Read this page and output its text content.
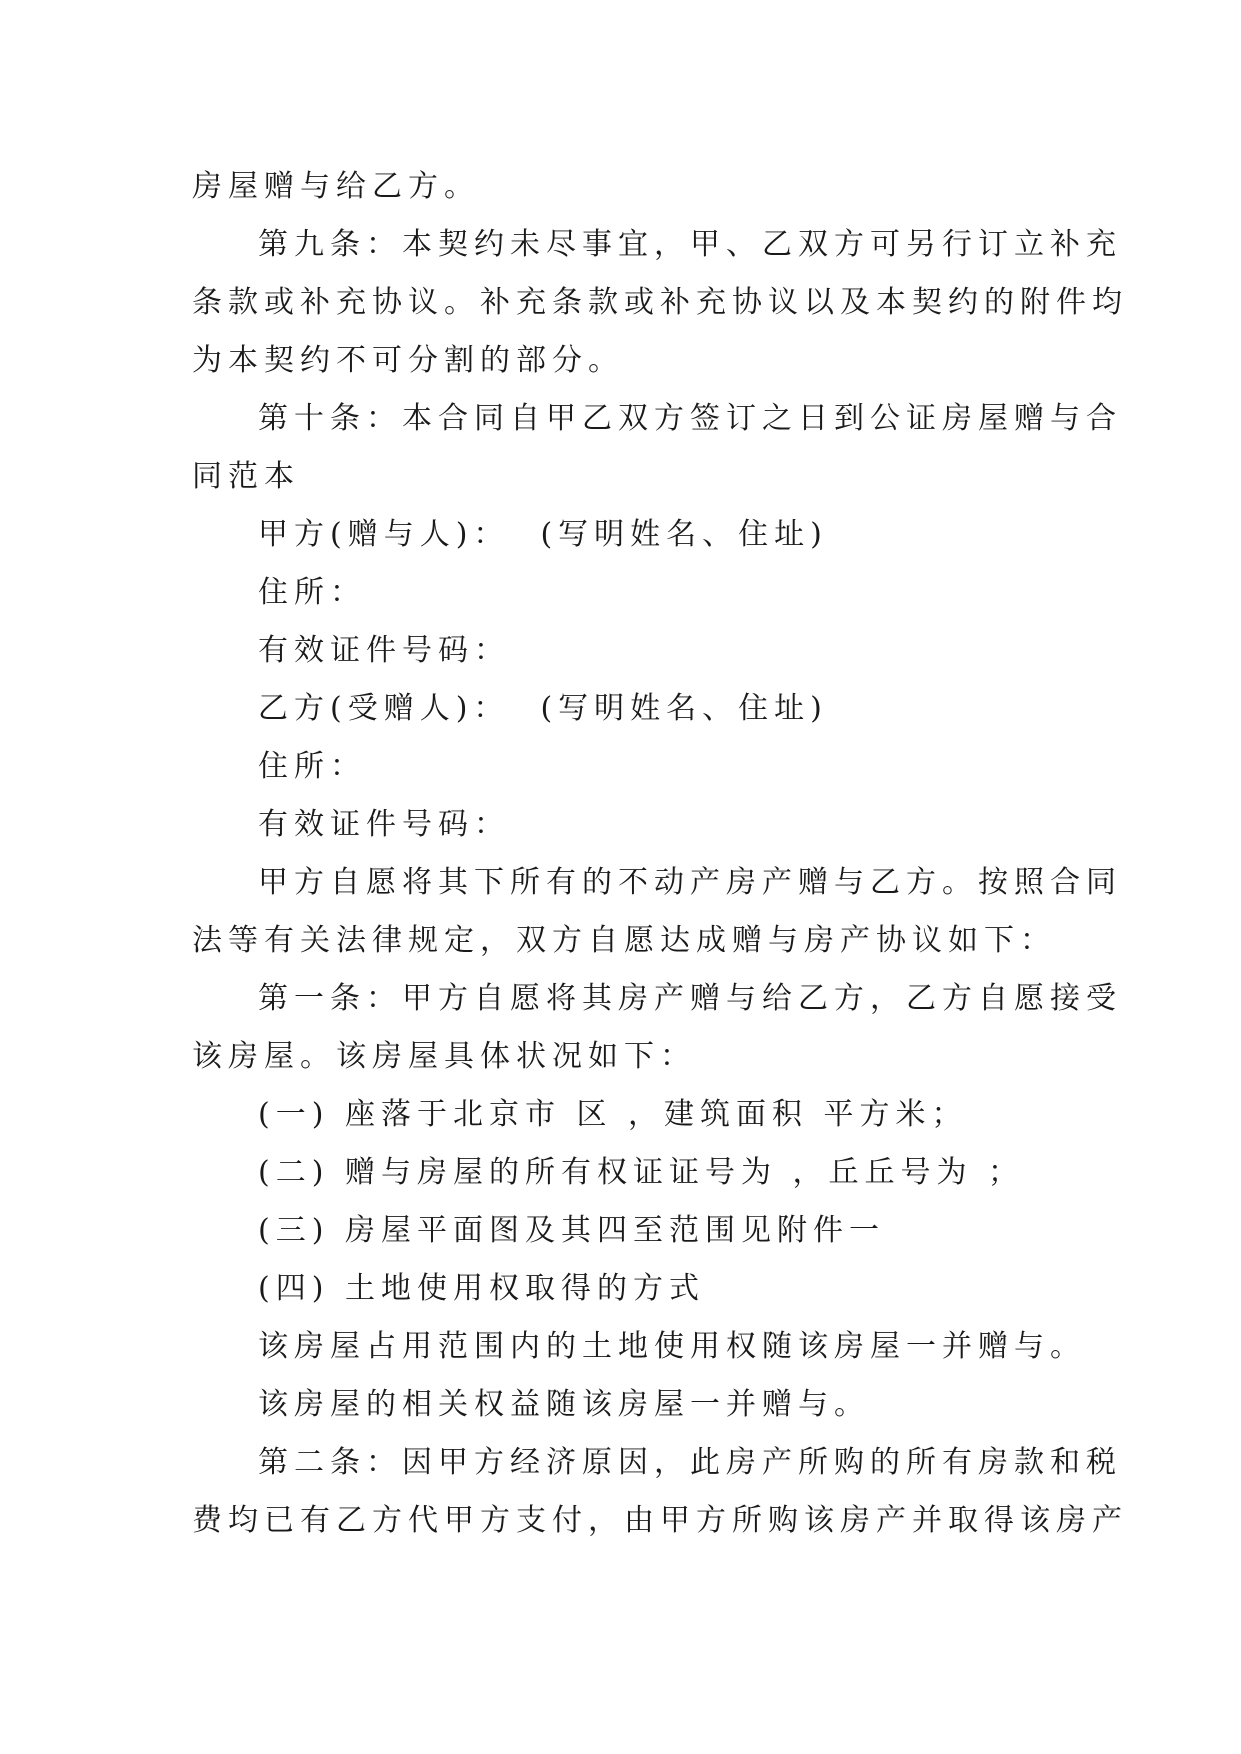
房屋赠与给乙方。

第九条：本契约未尽事宜，甲、乙双方可另行订立补充

条款或补充协议。补充条款或补充协议以及本契约的附件均

为本契约不可分割的部分。

第十条：本合同自甲乙双方签订之日到公证房屋赠与合

同范本

甲方(赠与人)：  (写明姓名、住址)

住所：

有效证件号码：

乙方(受赠人)：  (写明姓名、住址)

住所：

有效证件号码：

甲方自愿将其下所有的不动产房产赠与乙方。按照合同

法等有关法律规定，双方自愿达成赠与房产协议如下：

第一条：甲方自愿将其房产赠与给乙方，乙方自愿接受

该房屋。该房屋具体状况如下：

(一) 座落于北京市 区 ，建筑面积 平方米；

(二) 赠与房屋的所有权证证号为 ，丘丘号为 ；

(三) 房屋平面图及其四至范围见附件一

(四) 土地使用权取得的方式

该房屋占用范围内的土地使用权随该房屋一并赠与。

该房屋的相关权益随该房屋一并赠与。

第二条：因甲方经济原因，此房产所购的所有房款和税

费均已有乙方代甲方支付，由甲方所购该房产并取得该房产
